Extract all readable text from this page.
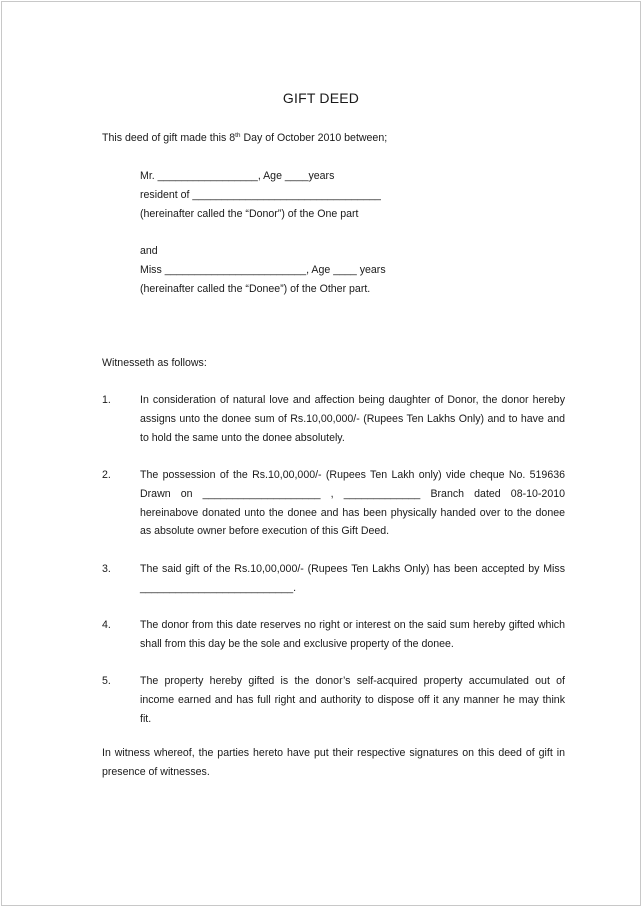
GIFT DEED
This deed of gift made this 8th Day of October 2010 between;
Mr. _________________, Age ____years
resident of ________________________________
(hereinafter called the “Donor”) of the One part
and
Miss ________________________, Age ____ years
(hereinafter called the “Donee”) of the Other part.
Witnesseth as follows:
1.	In consideration of natural love and affection being daughter of Donor, the donor hereby
assigns unto the donee sum of Rs.10,00,000/- (Rupees Ten Lakhs Only) and to have and
to hold the same unto the donee absolutely.
2.	The possession of the Rs.10,00,000/- (Rupees Ten Lakh only) vide cheque No. 519636
Drawn on ____________________ , _____________ Branch dated 08-10-2010
hereinabove donated unto the donee and has been physically handed over to the donee
as absolute owner before execution of this Gift Deed.
3.	The said gift of the Rs.10,00,000/- (Rupees Ten Lakhs Only) has been accepted by Miss
__________________________.
4.	The donor from this date reserves no right or interest on the said sum hereby gifted which
shall from this day be the sole and exclusive property of the donee.
5.	The property hereby gifted is the donor’s self-acquired property accumulated out of
income earned and has full right and authority to dispose off it any manner he may think
fit.
In witness whereof, the parties hereto have put their respective signatures on this deed of gift in
presence of witnesses.
